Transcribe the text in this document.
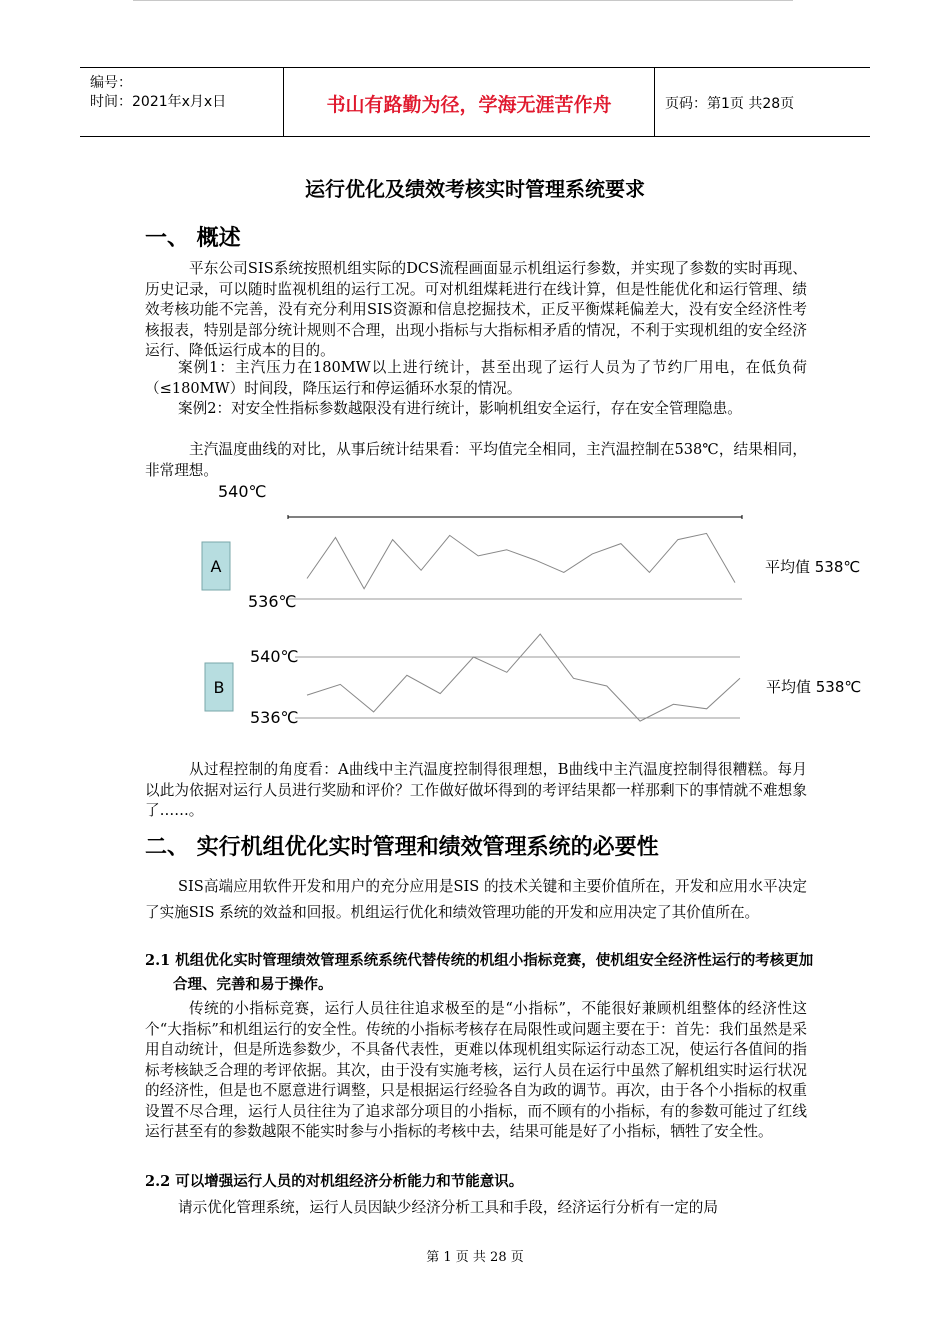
编号：
时间：2021年x月x日	书山有路勤为径，学海无涯苦作舟	页码：第1页 共28页
运行优化及绩效考核实时管理系统要求
一、 概述
平东公司SIS系统按照机组实际的DCS流程画面显示机组运行参数，并实现了参数的实时再现、历史记录，可以随时监视机组的运行工况。可对机组煤耗进行在线计算，但是性能优化和运行管理、绩效考核功能不完善，没有充分利用SIS资源和信息挖掘技术，正反平衡煤耗偏差大，没有安全经济性考核报表，特别是部分统计规则不合理，出现小指标与大指标相矛盾的情况，不利于实现机组的安全经济运行、降低运行成本的目的。
案例1：主汽压力在180MW以上进行统计，甚至出现了运行人员为了节约厂用电，在低负荷（≤180MW）时间段，降压运行和停运循环水泵的情况。
案例2：对安全性指标参数越限没有进行统计，影响机组安全运行，存在安全管理隐患。
主汽温度曲线的对比，从事后统计结果看：平均值完全相同，主汽温控制在538℃，结果相同，非常理想。
540℃
536℃
A	平均值 538℃
540℃
536℃
B	平均值 538℃
从过程控制的角度看：A曲线中主汽温度控制得很理想，B曲线中主汽温度控制得很糟糕。每月以此为依据对运行人员进行奖励和评价？工作做好做坏得到的考评结果都一样那剩下的事情就不难想象了……。
二、 实行机组优化实时管理和绩效管理系统的必要性
SIS高端应用软件开发和用户的充分应用是SIS 的技术关键和主要价值所在，开发和应用水平决定了实施SIS 系统的效益和回报。机组运行优化和绩效管理功能的开发和应用决定了其价值所在。
2.1 机组优化实时管理绩效管理系统系统代替传统的机组小指标竞赛，使机组安全经济性运行的考核更加合理、完善和易于操作。
传统的小指标竞赛，运行人员往往追求极至的是“小指标”，不能很好兼顾机组整体的经济性这个“大指标”和机组运行的安全性。传统的小指标考核存在局限性或问题主要在于：首先：我们虽然是采用自动统计，但是所选参数少，不具备代表性，更难以体现机组实际运行动态工况，使运行各值间的指标考核缺乏合理的考评依据。其次，由于没有实施考核，运行人员在运行中虽然了解机组实时运行状况的经济性，但是也不愿意进行调整，只是根据运行经验各自为政的调节。再次，由于各个小指标的权重设置不尽合理，运行人员往往为了追求部分项目的小指标，而不顾有的小指标，有的参数可能过了红线运行甚至有的参数越限不能实时参与小指标的考核中去，结果可能是好了小指标，牺牲了安全性。
2.2 可以增强运行人员的对机组经济分析能力和节能意识。
请示优化管理系统，运行人员因缺少经济分析工具和手段，经济运行分析有一定的局
第 1 页 共 28 页
